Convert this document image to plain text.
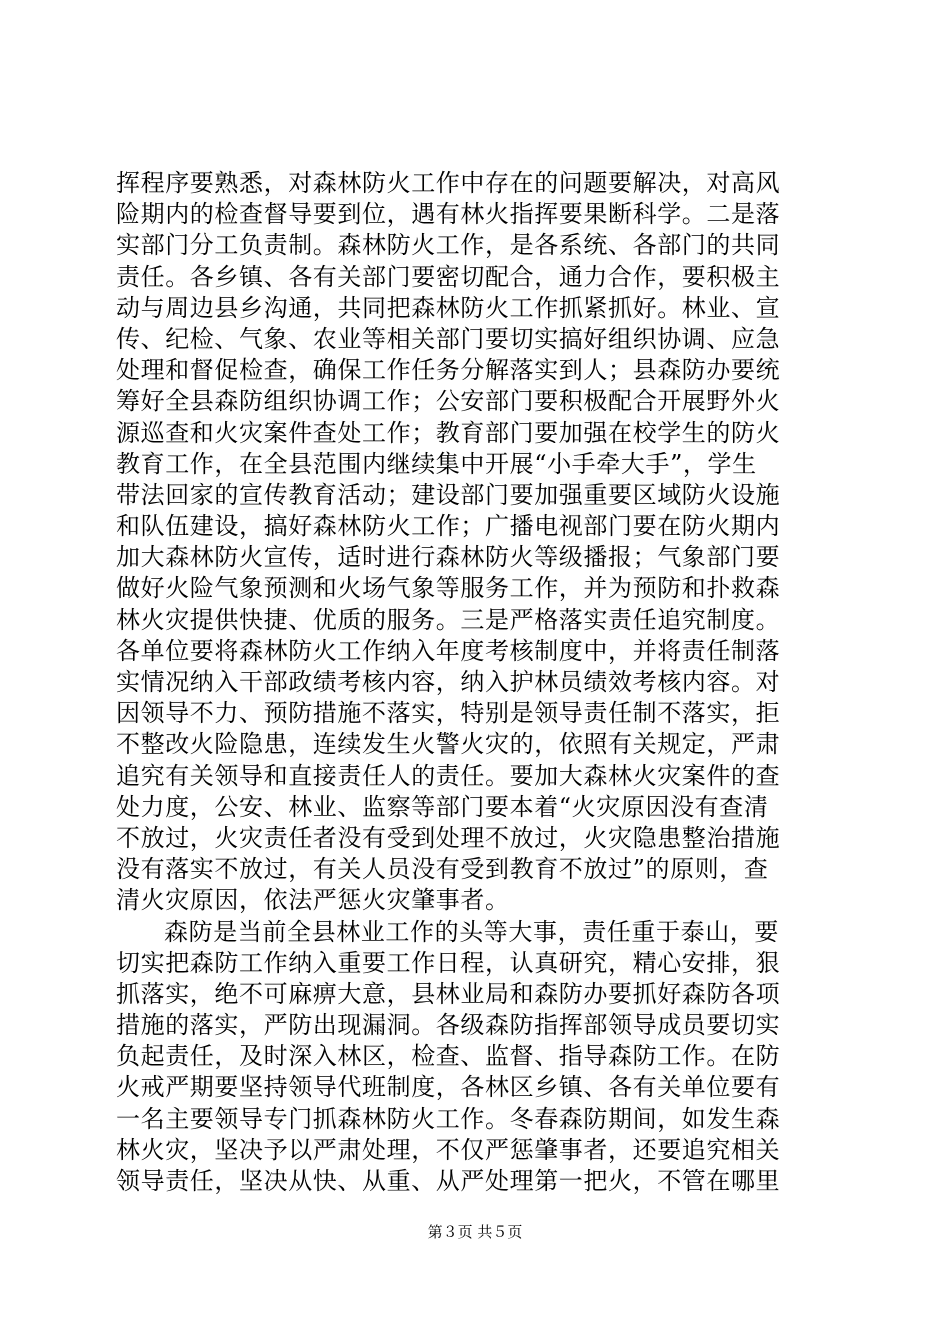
挥程序要熟悉，对森林防火工作中存在的问题要解决，对高风
险期内的检查督导要到位，遇有林火指挥要果断科学。二是落
实部门分工负责制。森林防火工作，是各系统、各部门的共同
责任。各乡镇、各有关部门要密切配合，通力合作，要积极主
动与周边县乡沟通，共同把森林防火工作抓紧抓好。林业、宣
传、纪检、气象、农业等相关部门要切实搞好组织协调、应急
处理和督促检查，确保工作任务分解落实到人；县森防办要统
筹好全县森防组织协调工作；公安部门要积极配合开展野外火
源巡查和火灾案件查处工作；教育部门要加强在校学生的防火
教育工作，在全县范围内继续集中开展“小手牵大手”，学生
带法回家的宣传教育活动；建设部门要加强重要区域防火设施
和队伍建设，搞好森林防火工作；广播电视部门要在防火期内
加大森林防火宣传，适时进行森林防火等级播报；气象部门要
做好火险气象预测和火场气象等服务工作，并为预防和扑救森
林火灾提供快捷、优质的服务。三是严格落实责任追究制度。
各单位要将森林防火工作纳入年度考核制度中，并将责任制落
实情况纳入干部政绩考核内容，纳入护林员绩效考核内容。对
因领导不力、预防措施不落实，特别是领导责任制不落实，拒
不整改火险隐患，连续发生火警火灾的，依照有关规定，严肃
追究有关领导和直接责任人的责任。要加大森林火灾案件的查
处力度，公安、林业、监察等部门要本着“火灾原因没有查清
不放过，火灾责任者没有受到处理不放过，火灾隐患整治措施
没有落实不放过，有关人员没有受到教育不放过”的原则，查
清火灾原因，依法严惩火灾肇事者。
森防是当前全县林业工作的头等大事，责任重于泰山，要
切实把森防工作纳入重要工作日程，认真研究，精心安排，狠
抓落实，绝不可麻痹大意，县林业局和森防办要抓好森防各项
措施的落实，严防出现漏洞。各级森防指挥部领导成员要切实
负起责任，及时深入林区，检查、监督、指导森防工作。在防
火戒严期要坚持领导代班制度，各林区乡镇、各有关单位要有
一名主要领导专门抓森林防火工作。冬春森防期间，如发生森
林火灾，坚决予以严肃处理，不仅严惩肇事者，还要追究相关
领导责任，坚决从快、从重、从严处理第一把火，不管在哪里
第３页 共５页
